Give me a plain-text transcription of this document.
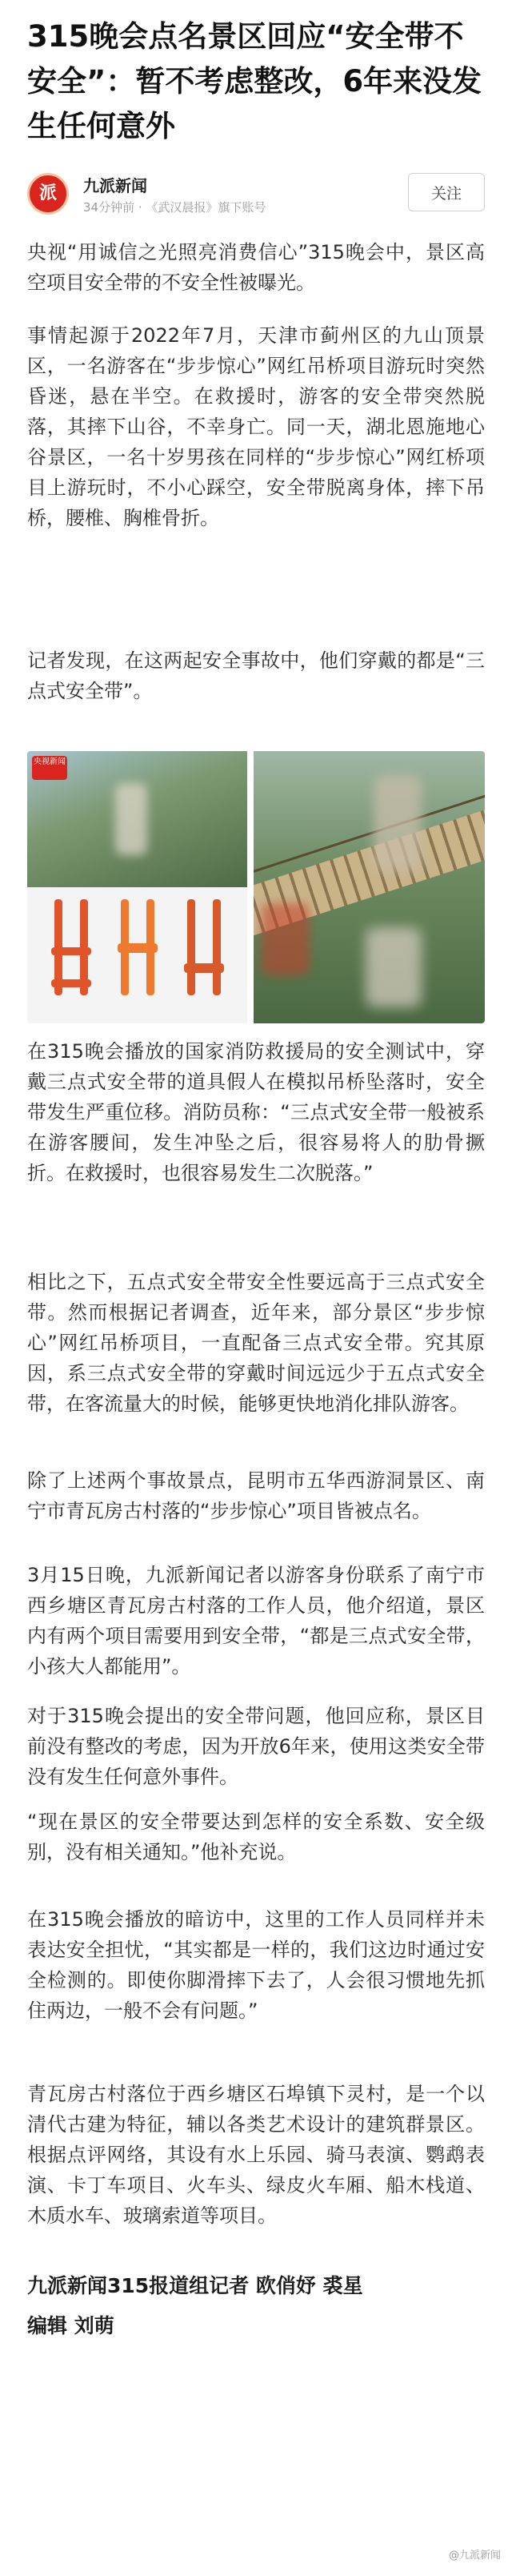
315晚会点名景区回应“安全带不安全”：暂不考虑整改，6年来没发生任何意外
派 九派新闻
34分钟前 · 《武汉晨报》旗下账号
关注

央视“用诚信之光照亮消费信心”315晚会中，景区高空项目安全带的不安全性被曝光。

事情起源于2022年7月，天津市蓟州区的九山顶景区，一名游客在“步步惊心”网红吊桥项目游玩时突然昏迷，悬在半空。在救援时，游客的安全带突然脱落，其摔下山谷，不幸身亡。同一天，湖北恩施地心谷景区，一名十岁男孩在同样的“步步惊心”网红桥项目上游玩时，不小心踩空，安全带脱离身体，摔下吊桥，腰椎、胸椎骨折。

记者发现，在这两起安全事故中，他们穿戴的都是“三点式安全带”。

央视新闻

在315晚会播放的国家消防救援局的安全测试中，穿戴三点式安全带的道具假人在模拟吊桥坠落时，安全带发生严重位移。消防员称：“三点式安全带一般被系在游客腰间，发生冲坠之后，很容易将人的肋骨撅折。在救援时，也很容易发生二次脱落。”

相比之下，五点式安全带安全性要远高于三点式安全带。然而根据记者调查，近年来，部分景区“步步惊心”网红吊桥项目，一直配备三点式安全带。究其原因，系三点式安全带的穿戴时间远远少于五点式安全带，在客流量大的时候，能够更快地消化排队游客。

除了上述两个事故景点，昆明市五华西游洞景区、南宁市青瓦房古村落的“步步惊心”项目皆被点名。

3月15日晚，九派新闻记者以游客身份联系了南宁市西乡塘区青瓦房古村落的工作人员，他介绍道，景区内有两个项目需要用到安全带，“都是三点式安全带，小孩大人都能用”。

对于315晚会提出的安全带问题，他回应称，景区目前没有整改的考虑，因为开放6年来，使用这类安全带没有发生任何意外事件。

“现在景区的安全带要达到怎样的安全系数、安全级别，没有相关通知。”他补充说。

在315晚会播放的暗访中，这里的工作人员同样并未表达安全担忧，“其实都是一样的，我们这边时通过安全检测的。即使你脚滑摔下去了，人会很习惯地先抓住两边，一般不会有问题。”

青瓦房古村落位于西乡塘区石埠镇下灵村，是一个以清代古建为特征，辅以各类艺术设计的建筑群景区。根据点评网络，其设有水上乐园、骑马表演、鹦鹉表演、卡丁车项目、火车头、绿皮火车厢、船木栈道、木质水车、玻璃索道等项目。

九派新闻315报道组记者 欧俏妤 裘星

编辑 刘萌

@九派新闻
